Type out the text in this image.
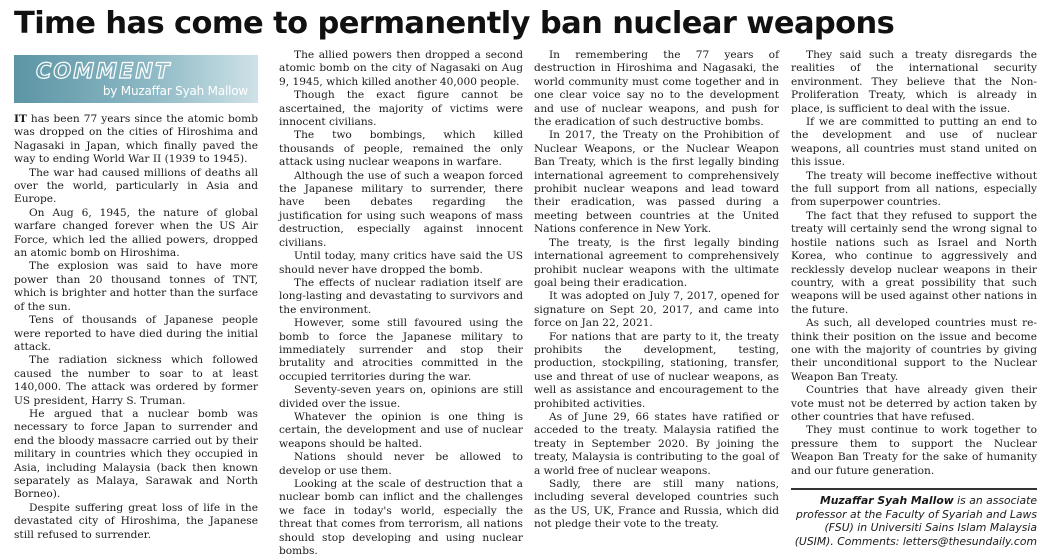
Time has come to permanently ban nuclear weapons
COMMENT
by Muzaffar Syah Mallow

IT has been 77 years since the atomic bomb was dropped on the cities of Hiroshima and Nagasaki in Japan, which finally paved the way to ending World War II (1939 to 1945).

The war had caused millions of deaths all over the world, particularly in Asia and Europe.

On Aug 6, 1945, the nature of global warfare changed forever when the US Air Force, which led the allied powers, dropped an atomic bomb on Hiroshima.

The explosion was said to have more power than 20 thousand tonnes of TNT, which is brighter and hotter than the surface of the sun.

Tens of thousands of Japanese people were reported to have died during the initial attack.

The radiation sickness which followed caused the number to soar to at least 140,000. The attack was ordered by former US president, Harry S. Truman.

He argued that a nuclear bomb was necessary to force Japan to surrender and end the bloody massacre carried out by their military in countries which they occupied in Asia, including Malaysia (back then known separately as Malaya, Sarawak and North Borneo).

Despite suffering great loss of life in the devastated city of Hiroshima, the Japanese still refused to surrender.

The allied powers then dropped a second atomic bomb on the city of Nagasaki on Aug 9, 1945, which killed another 40,000 people.

Though the exact figure cannot be ascertained, the majority of victims were innocent civilians.

The two bombings, which killed thousands of people, remained the only attack using nuclear weapons in warfare.

Although the use of such a weapon forced the Japanese military to surrender, there have been debates regarding the justification for using such weapons of mass destruction, especially against innocent civilians.

Until today, many critics have said the US should never have dropped the bomb.

The effects of nuclear radiation itself are long-lasting and devastating to survivors and the environment.

However, some still favoured using the bomb to force the Japanese military to immediately surrender and stop their brutality and atrocities committed in the occupied territories during the war.

Seventy-seven years on, opinions are still divided over the issue.

Whatever the opinion is one thing is certain, the development and use of nuclear weapons should be halted.

Nations should never be allowed to develop or use them.

Looking at the scale of destruction that a nuclear bomb can inflict and the challenges we face in today's world, especially the threat that comes from terrorism, all nations should stop developing and using nuclear bombs.

In remembering the 77 years of destruction in Hiroshima and Nagasaki, the world community must come together and in one clear voice say no to the development and use of nuclear weapons, and push for the eradication of such destructive bombs.

In 2017, the Treaty on the Prohibition of Nuclear Weapons, or the Nuclear Weapon Ban Treaty, which is the first legally binding international agreement to comprehensively prohibit nuclear weapons and lead toward their eradication, was passed during a meeting between countries at the United Nations conference in New York.

The treaty, is the first legally binding international agreement to comprehensively prohibit nuclear weapons with the ultimate goal being their eradication.

It was adopted on July 7, 2017, opened for signature on Sept 20, 2017, and came into force on Jan 22, 2021.

For nations that are party to it, the treaty prohibits the development, testing, production, stockpiling, stationing, transfer, use and threat of use of nuclear weapons, as well as assistance and encouragement to the prohibited activities.

As of June 29, 66 states have ratified or acceded to the treaty. Malaysia ratified the treaty in September 2020. By joining the treaty, Malaysia is contributing to the goal of a world free of nuclear weapons.

Sadly, there are still many nations, including several developed countries such as the US, UK, France and Russia, which did not pledge their vote to the treaty.

They said such a treaty disregards the realities of the international security environment. They believe that the Non-Proliferation Treaty, which is already in place, is sufficient to deal with the issue.

If we are committed to putting an end to the development and use of nuclear weapons, all countries must stand united on this issue.

The treaty will become ineffective without the full support from all nations, especially from superpower countries.

The fact that they refused to support the treaty will certainly send the wrong signal to hostile nations such as Israel and North Korea, who continue to aggressively and recklessly develop nuclear weapons in their country, with a great possibility that such weapons will be used against other nations in the future.

As such, all developed countries must re-think their position on the issue and become one with the majority of countries by giving their unconditional support to the Nuclear Weapon Ban Treaty.

Countries that have already given their vote must not be deterred by action taken by other countries that have refused.

They must continue to work together to pressure them to support the Nuclear Weapon Ban Treaty for the sake of humanity and our future generation.

Muzaffar Syah Mallow is an associate professor at the Faculty of Syariah and Laws (FSU) in Universiti Sains Islam Malaysia (USIM). Comments: letters@thesundaily.com
